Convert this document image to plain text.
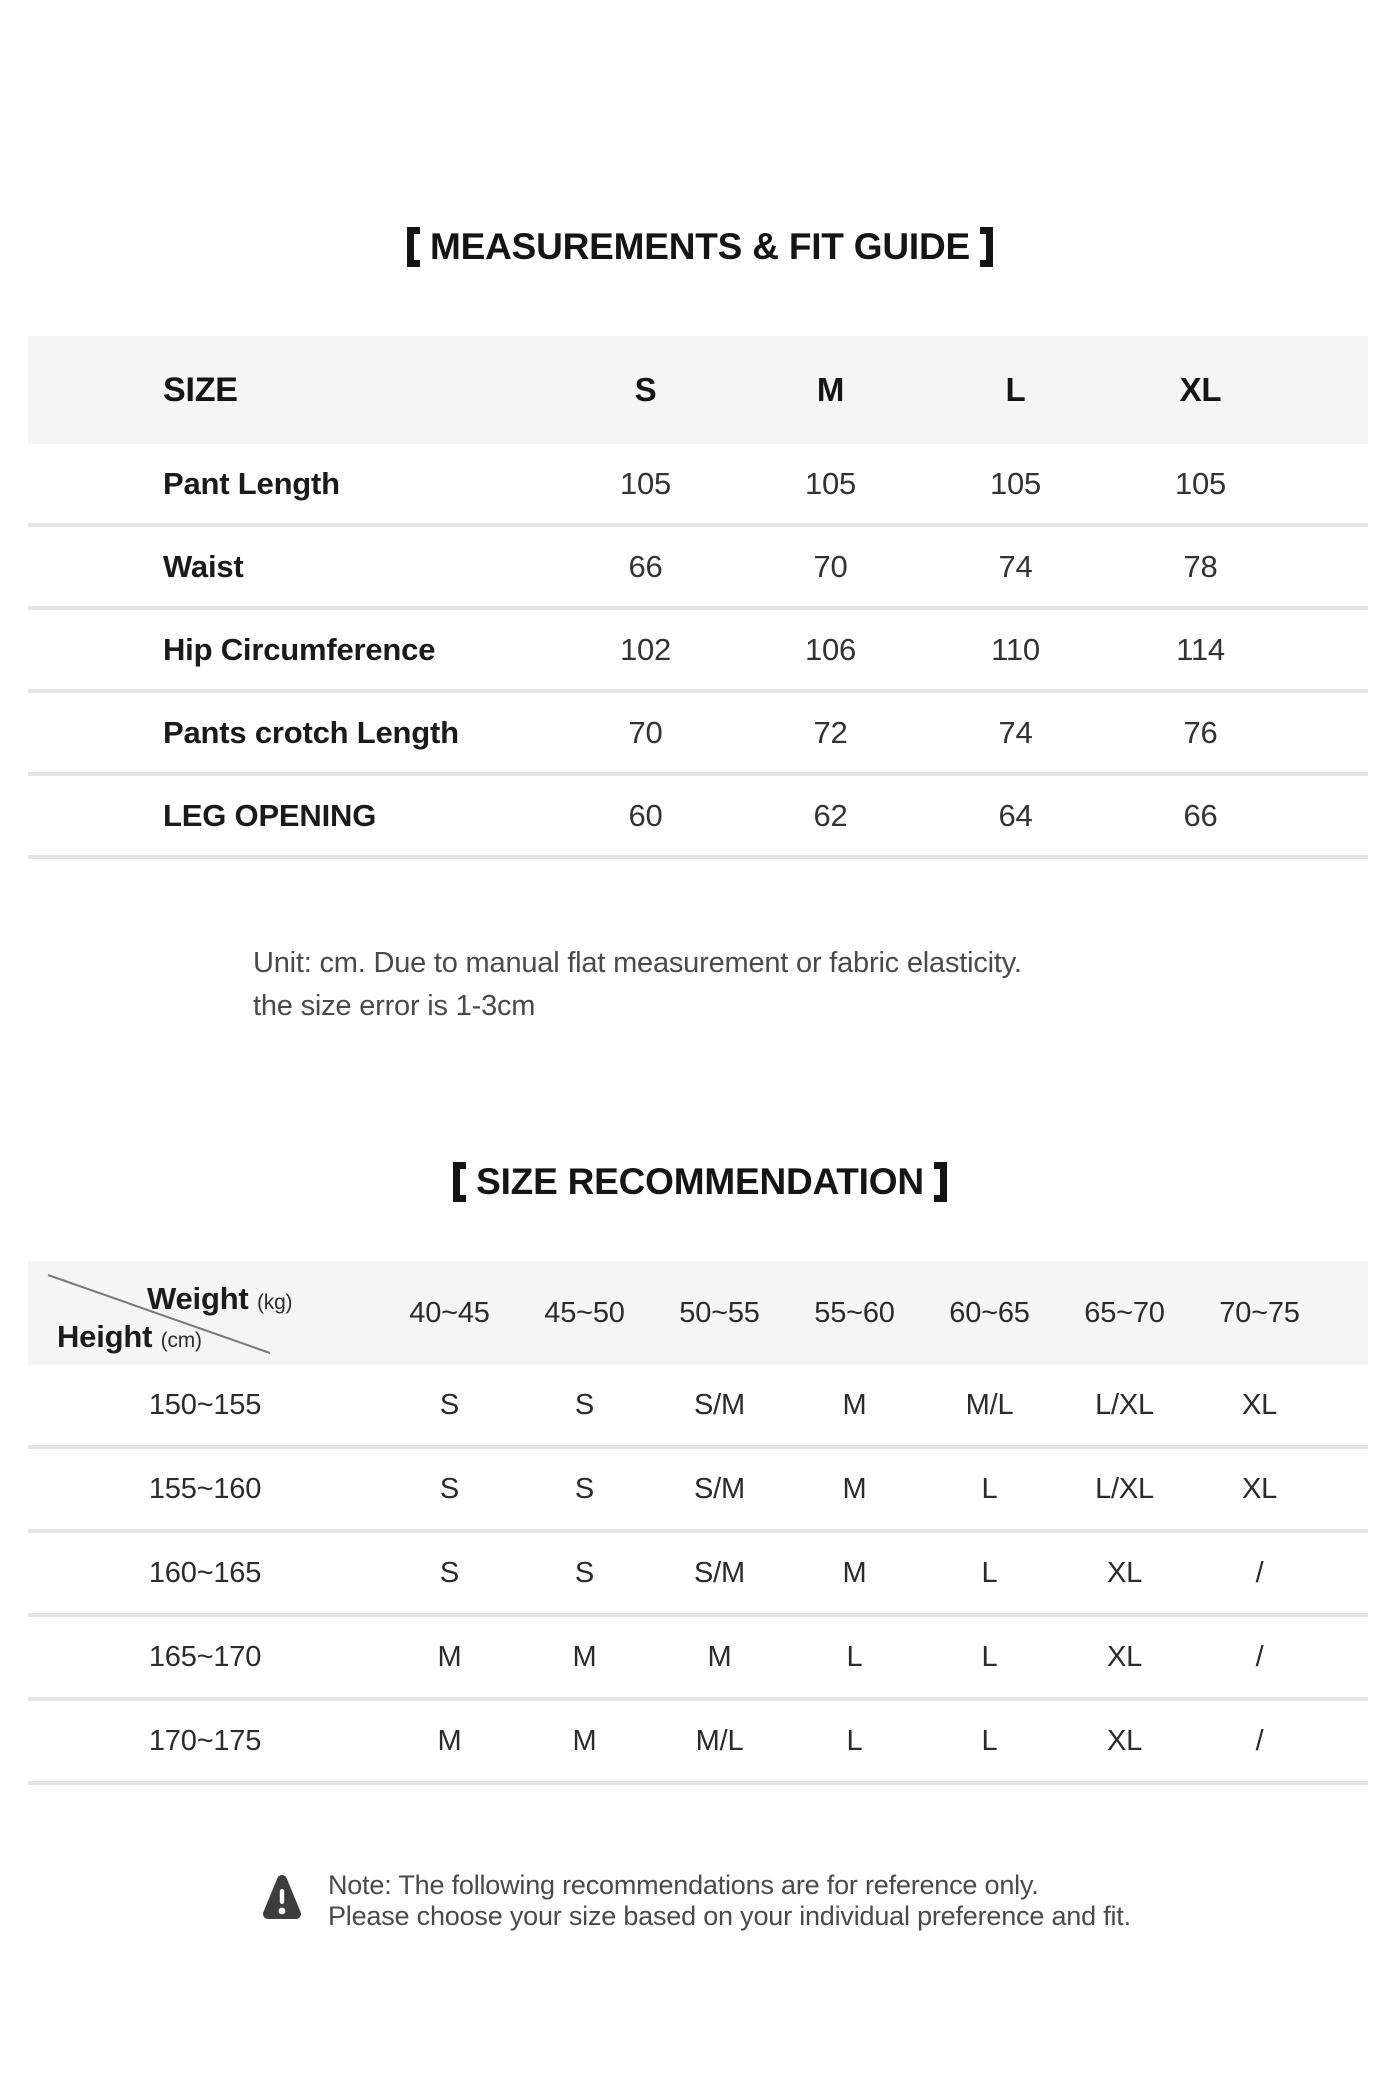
MEASUREMENTS & FIT GUIDE
SIZE	S	M	L	XL
Pant Length	105	105	105	105
Waist	66	70	74	78
Hip Circumference	102	106	110	114
Pants crotch Length	70	72	74	76
LEG OPENING	60	62	64	66
Unit: cm. Due to manual flat measurement or fabric elasticity.
the size error is 1-3cm
SIZE RECOMMENDATION
Weight (kg)
Height (cm)
40~45	45~50	50~55	55~60	60~65	65~70	70~75
150~155	S	S	S/M	M	M/L	L/XL	XL
155~160	S	S	S/M	M	L	L/XL	XL
160~165	S	S	S/M	M	L	XL	/
165~170	M	M	M	L	L	XL	/
170~175	M	M	M/L	L	L	XL	/
Note: The following recommendations are for reference only.
Please choose your size based on your individual preference and fit.
